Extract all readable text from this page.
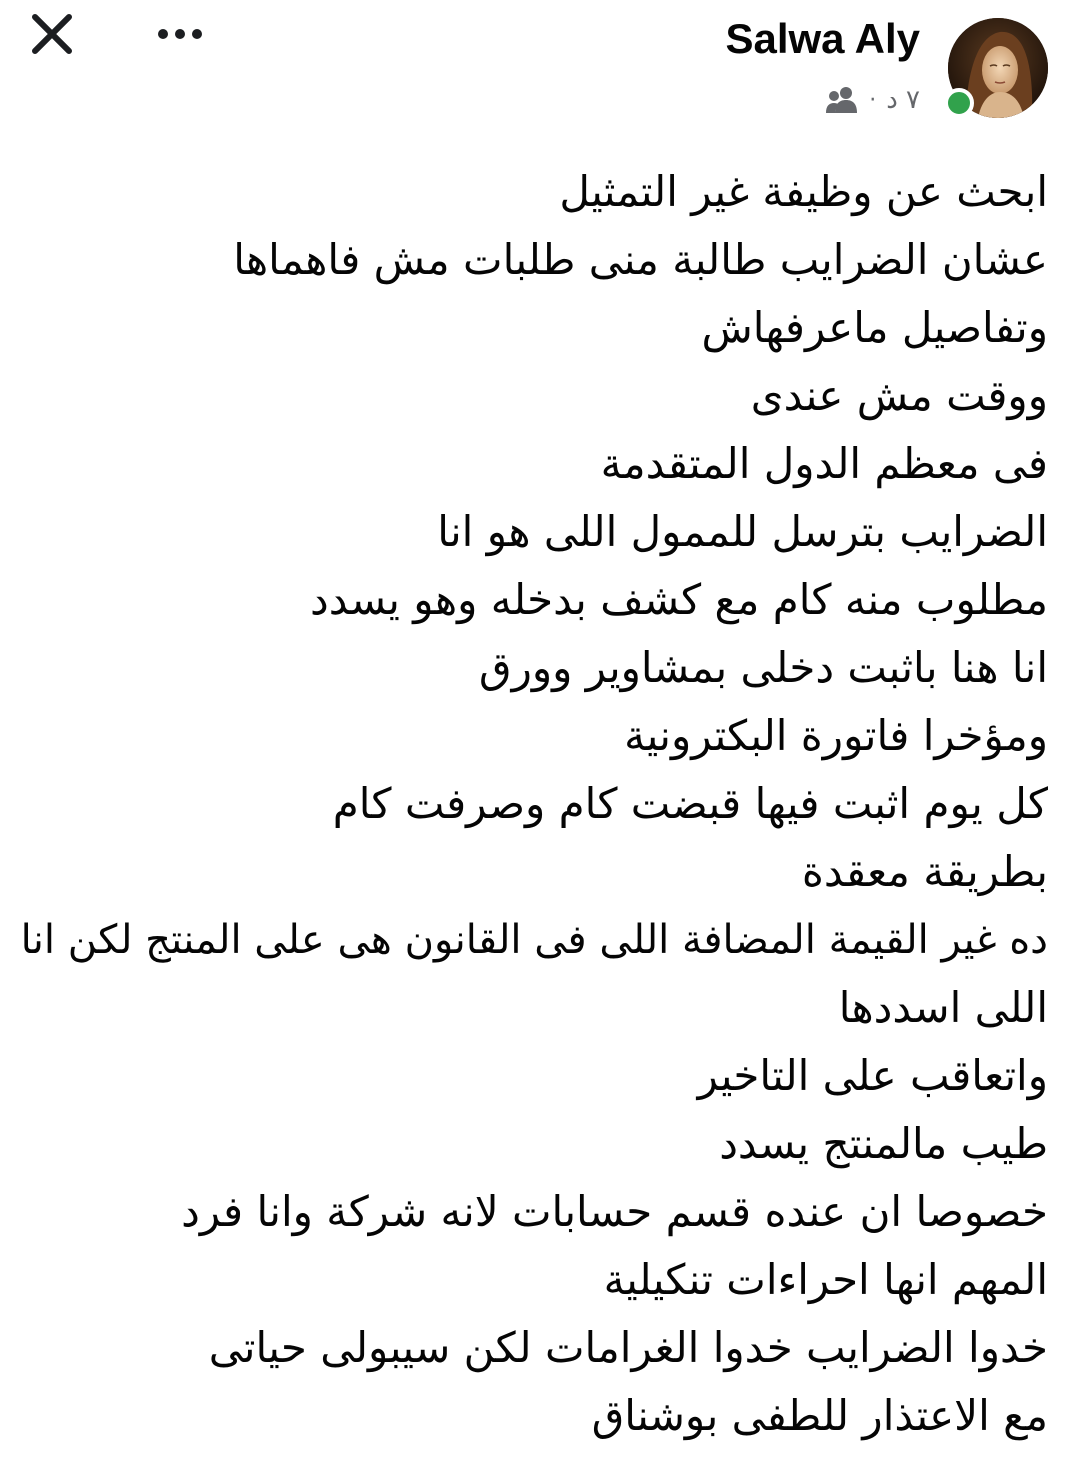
Salwa Aly
٧ د
·
ابحث عن وظيفة غير التمثيل
عشان الضرايب طالبة منى طلبات مش فاهماها
وتفاصيل ماعرفهاش
ووقت مش عندى
فى معظم الدول المتقدمة
الضرايب بترسل للممول اللى هو انا
مطلوب منه كام مع كشف بدخله وهو يسدد
انا هنا باثبت دخلى بمشاوير وورق
ومؤخرا فاتورة البكترونية
كل يوم اثبت فيها قبضت كام وصرفت كام
بطريقة معقدة
ده غير القيمة المضافة اللى فى القانون هى على المنتج لكن انا
اللى اسددها
واتعاقب على التاخير
طيب مالمنتج يسدد
خصوصا ان عنده قسم حسابات لانه شركة وانا فرد
المهم انها احراءات تنكيلية
خدوا الضرايب خدوا الغرامات لكن سيبولى حياتى
مع الاعتذار للطفى بوشناق
